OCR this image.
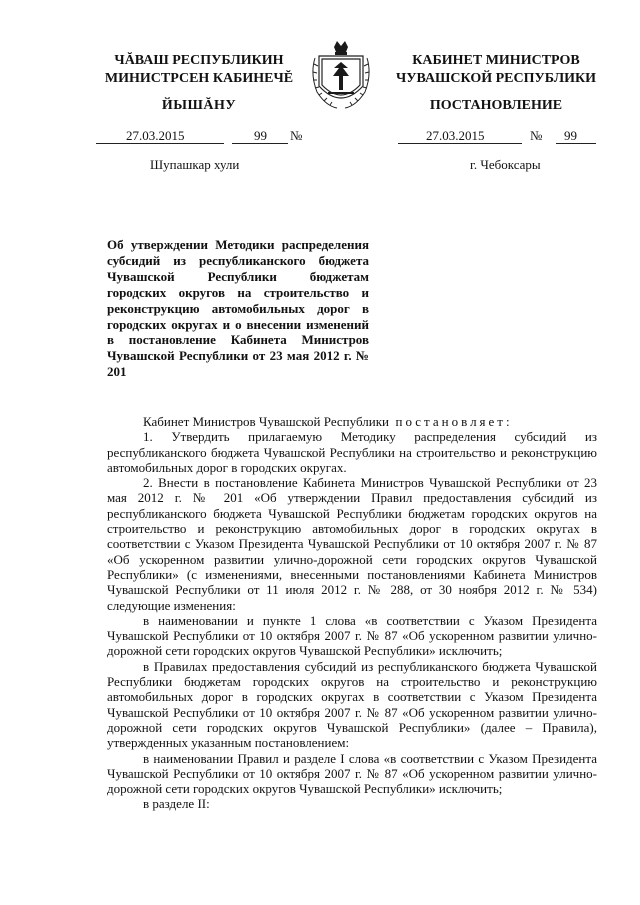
ЧĂВАШ РЕСПУБЛИКИН
МИНИСТРСЕН КАБИНЕЧĔ
ЙЫШĂНУ
КАБИНЕТ МИНИСТРОВ
ЧУВАШСКОЙ РЕСПУБЛИКИ
ПОСТАНОВЛЕНИЕ
27.03.2015	99 №	27.03.2015	№ 99
Шупашкар хули	г. Чебоксары

Об утверждении Методики распределения субсидий из республиканского бюджета Чувашской Республики бюджетам городских округов на строительство и реконструкцию автомобильных дорог в городских округах и о внесении изменений в постановление Кабинета Министров Чувашской Республики от 23 мая 2012 г. № 201

Кабинет Министров Чувашской Республики постановляет:

1. Утвердить прилагаемую Методику распределения субсидий из республиканского бюджета Чувашской Республики на строительство и реконструкцию автомобильных дорог в городских округах.

2. Внести в постановление Кабинета Министров Чувашской Республики от 23 мая 2012 г. № 201 «Об утверждении Правил предоставления субсидий из республиканского бюджета Чувашской Республики бюджетам городских округов на строительство и реконструкцию автомобильных дорог в городских округах в соответствии с Указом Президента Чувашской Республики от 10 октября 2007 г. № 87 «Об ускоренном развитии улично-дорожной сети городских округов Чувашской Республики» (с изменениями, внесенными постановлениями Кабинета Министров Чувашской Республики от 11 июля 2012 г. № 288, от 30 ноября 2012 г. № 534) следующие изменения:

в наименовании и пункте 1 слова «в соответствии с Указом Президента Чувашской Республики от 10 октября 2007 г. № 87 «Об ускоренном развитии улично-дорожной сети городских округов Чувашской Республики» исключить;

в Правилах предоставления субсидий из республиканского бюджета Чувашской Республики бюджетам городских округов на строительство и реконструкцию автомобильных дорог в городских округах в соответствии с Указом Президента Чувашской Республики от 10 октября 2007 г. № 87 «Об ускоренном развитии улично-дорожной сети городских округов Чувашской Республики» (далее – Правила), утвержденных указанным постановлением:

в наименовании Правил и разделе I слова «в соответствии с Указом Президента Чувашской Республики от 10 октября 2007 г. № 87 «Об ускоренном развитии улично-дорожной сети городских округов Чувашской Республики» исключить;

в разделе II:
